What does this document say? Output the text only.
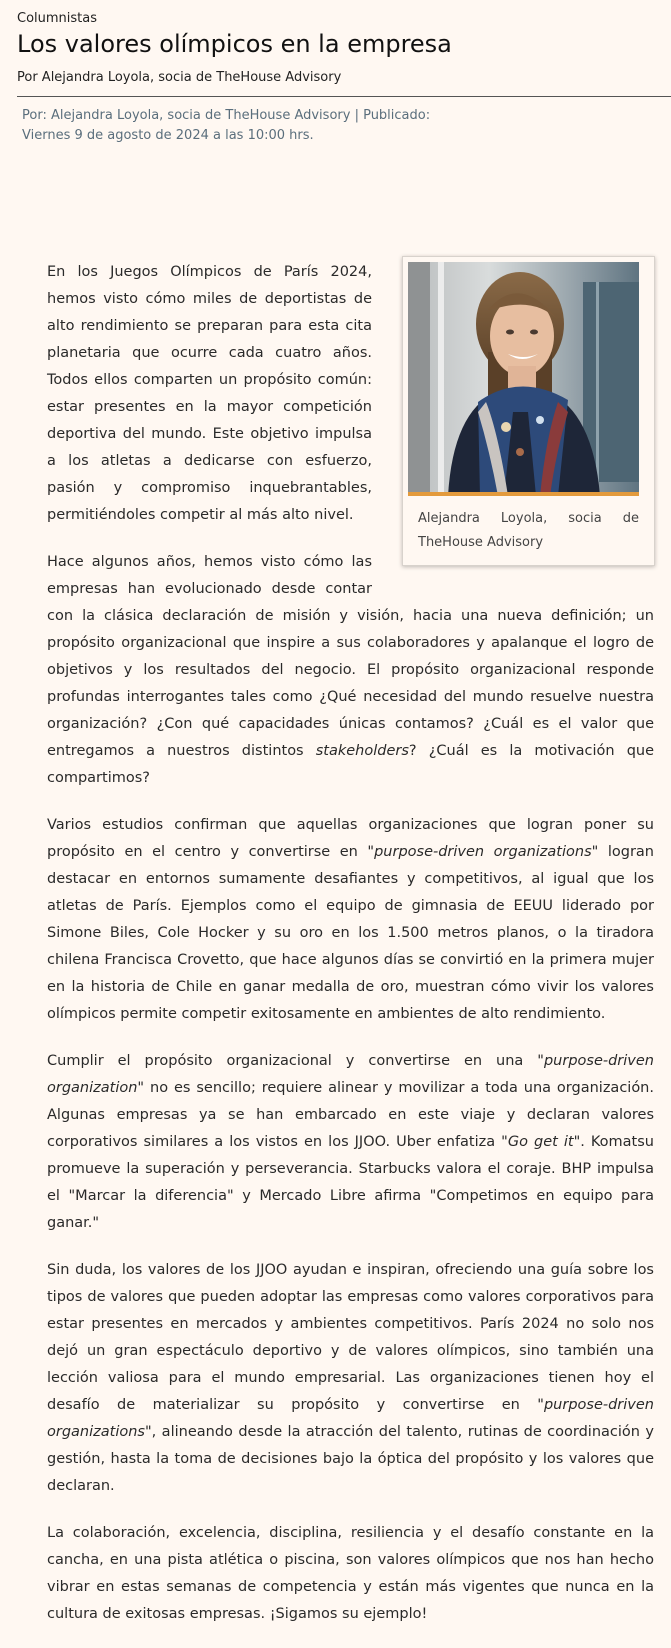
Columnistas

Los valores olímpicos en la empresa

Por Alejandra Loyola, socia de TheHouse Advisory

Por: Alejandra Loyola, socia de TheHouse Advisory | Publicado: Viernes 9 de agosto de 2024 a las 10:00 hrs.
Alejandra Loyola, socia de TheHouse Advisory

En los Juegos Olímpicos de París 2024, hemos visto cómo miles de deportistas de alto rendimiento se preparan para esta cita planetaria que ocurre cada cuatro años. Todos ellos comparten un propósito común: estar presentes en la mayor competición deportiva del mundo. Este objetivo impulsa a los atletas a dedicarse con esfuerzo, pasión y compromiso inquebrantables, permitiéndoles competir al más alto nivel.

Hace algunos años, hemos visto cómo las empresas han evolucionado desde contar con la clásica declaración de misión y visión, hacia una nueva definición; un propósito organizacional que inspire a sus colaboradores y apalanque el logro de objetivos y los resultados del negocio. El propósito organizacional responde profundas interrogantes tales como ¿Qué necesidad del mundo resuelve nuestra organización? ¿Con qué capacidades únicas contamos? ¿Cuál es el valor que entregamos a nuestros distintos stakeholders? ¿Cuál es la motivación que compartimos?

Varios estudios confirman que aquellas organizaciones que logran poner su propósito en el centro y convertirse en "purpose-driven organizations" logran destacar en entornos sumamente desafiantes y competitivos, al igual que los atletas de París. Ejemplos como el equipo de gimnasia de EEUU liderado por Simone Biles, Cole Hocker y su oro en los 1.500 metros planos, o la tiradora chilena Francisca Crovetto, que hace algunos días se convirtió en la primera mujer en la historia de Chile en ganar medalla de oro, muestran cómo vivir los valores olímpicos permite competir exitosamente en ambientes de alto rendimiento.

Cumplir el propósito organizacional y convertirse en una "purpose-driven organization" no es sencillo; requiere alinear y movilizar a toda una organización. Algunas empresas ya se han embarcado en este viaje y declaran valores corporativos similares a los vistos en los JJOO. Uber enfatiza "Go get it". Komatsu promueve la superación y perseverancia. Starbucks valora el coraje. BHP impulsa el "Marcar la diferencia" y Mercado Libre afirma "Competimos en equipo para ganar."

Sin duda, los valores de los JJOO ayudan e inspiran, ofreciendo una guía sobre los tipos de valores que pueden adoptar las empresas como valores corporativos para estar presentes en mercados y ambientes competitivos. París 2024 no solo nos dejó un gran espectáculo deportivo y de valores olímpicos, sino también una lección valiosa para el mundo empresarial. Las organizaciones tienen hoy el desafío de materializar su propósito y convertirse en "purpose-driven organizations", alineando desde la atracción del talento, rutinas de coordinación y gestión, hasta la toma de decisiones bajo la óptica del propósito y los valores que declaran.

La colaboración, excelencia, disciplina, resiliencia y el desafío constante en la cancha, en una pista atlética o piscina, son valores olímpicos que nos han hecho vibrar en estas semanas de competencia y están más vigentes que nunca en la cultura de exitosas empresas. ¡Sigamos su ejemplo!
